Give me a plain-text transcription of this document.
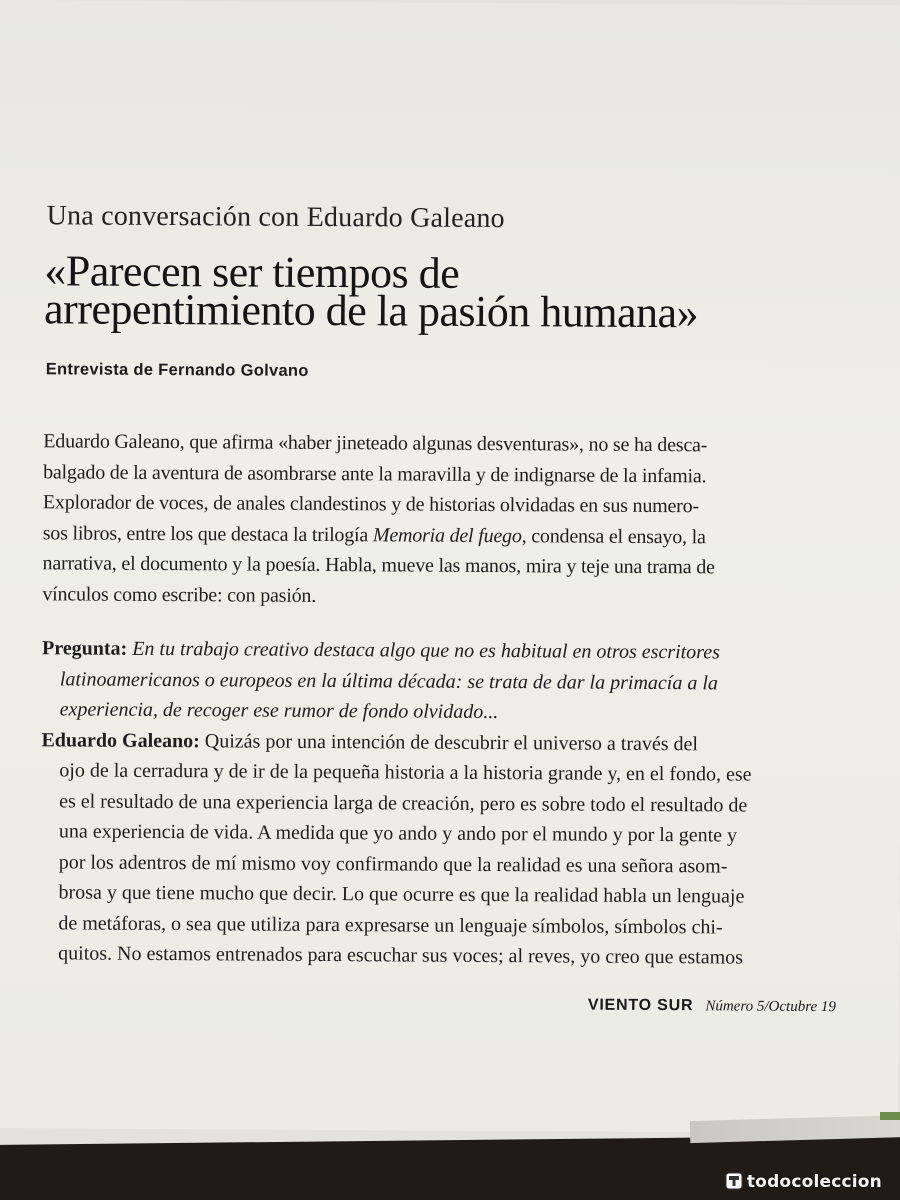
Una conversación con Eduardo Galeano
«Parecen ser tiempos de
arrepentimiento de la pasión humana»
Entrevista de Fernando Golvano
Eduardo Galeano, que afirma «haber jineteado algunas desventuras», no se ha desca-
balgado de la aventura de asombrarse ante la maravilla y de indignarse de la infamia.
Explorador de voces, de anales clandestinos y de historias olvidadas en sus numero-
sos libros, entre los que destaca la trilogía Memoria del fuego, condensa el ensayo, la
narrativa, el documento y la poesía. Habla, mueve las manos, mira y teje una trama de
vínculos como escribe: con pasión.
Pregunta: En tu trabajo creativo destaca algo que no es habitual en otros escritores
latinoamericanos o europeos en la última década: se trata de dar la primacía a la
experiencia, de recoger ese rumor de fondo olvidado...
Eduardo Galeano: Quizás por una intención de descubrir el universo a través del
ojo de la cerradura y de ir de la pequeña historia a la historia grande y, en el fondo, ese
es el resultado de una experiencia larga de creación, pero es sobre todo el resultado de
una experiencia de vida. A medida que yo ando y ando por el mundo y por la gente y
por los adentros de mí mismo voy confirmando que la realidad es una señora asom-
brosa y que tiene mucho que decir. Lo que ocurre es que la realidad habla un lenguaje
de metáforas, o sea que utiliza para expresarse un lenguaje símbolos, símbolos chi-
quitos. No estamos entrenados para escuchar sus voces; al reves, yo creo que estamos
VIENTO SUR Número 5/Octubre 19
todocoleccion
